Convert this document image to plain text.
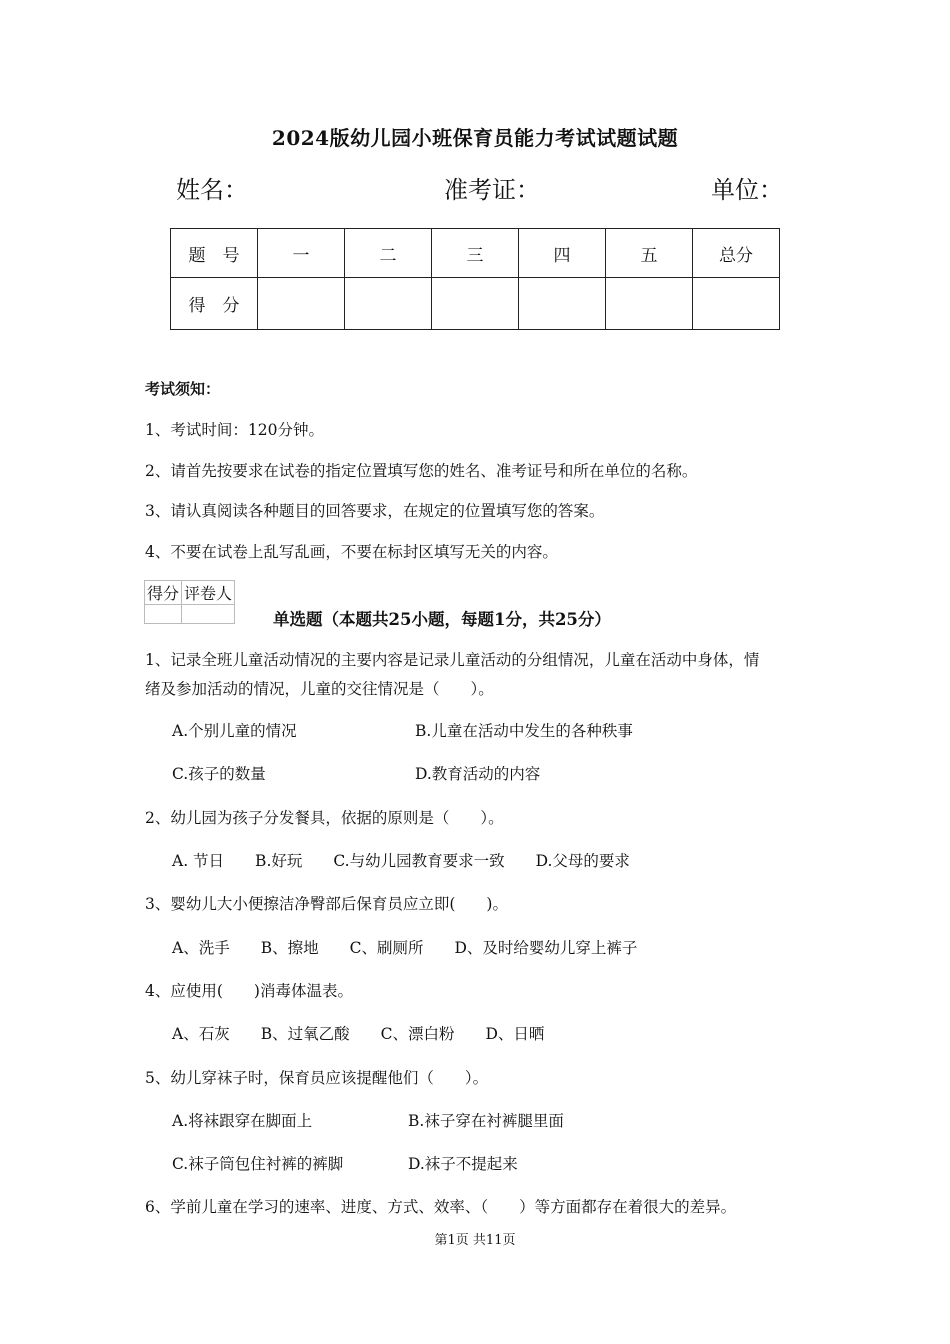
2024版幼儿园小班保育员能力考试试题试题
姓名：	准考证：	单位：
题　号	一	二	三	四	五	总分
得　分						
考试须知：
1、考试时间：120分钟。
2、请首先按要求在试卷的指定位置填写您的姓名、准考证号和所在单位的名称。
3、请认真阅读各种题目的回答要求，在规定的位置填写您的答案。
4、不要在试卷上乱写乱画，不要在标封区填写无关的内容。
得分	评卷人

单选题（本题共25小题，每题1分，共25分）
1、记录全班儿童活动情况的主要内容是记录儿童活动的分组情况，儿童在活动中身体，情
绪及参加活动的情况，儿童的交往情况是（　　）。
A.个别儿童的情况	B.儿童在活动中发生的各种秩事
C.孩子的数量	D.教育活动的内容
2、幼儿园为孩子分发餐具，依据的原则是（　　）。
A. 节日　　B.好玩　　C.与幼儿园教育要求一致　　D.父母的要求
3、婴幼儿大小便擦洁净臀部后保育员应立即(　　)。
A、洗手　　B、擦地　　C、刷厕所　　D、及时给婴幼儿穿上裤子
4、应使用(　　)消毒体温表。
A、石灰　　B、过氧乙酸　　C、漂白粉　　D、日晒
5、幼儿穿袜子时，保育员应该提醒他们（　　）。
A.将袜跟穿在脚面上	B.袜子穿在衬裤腿里面
C.袜子筒包住衬裤的裤脚	D.袜子不提起来
6、学前儿童在学习的速率、进度、方式、效率、（　　）等方面都存在着很大的差异。
第1页 共11页
